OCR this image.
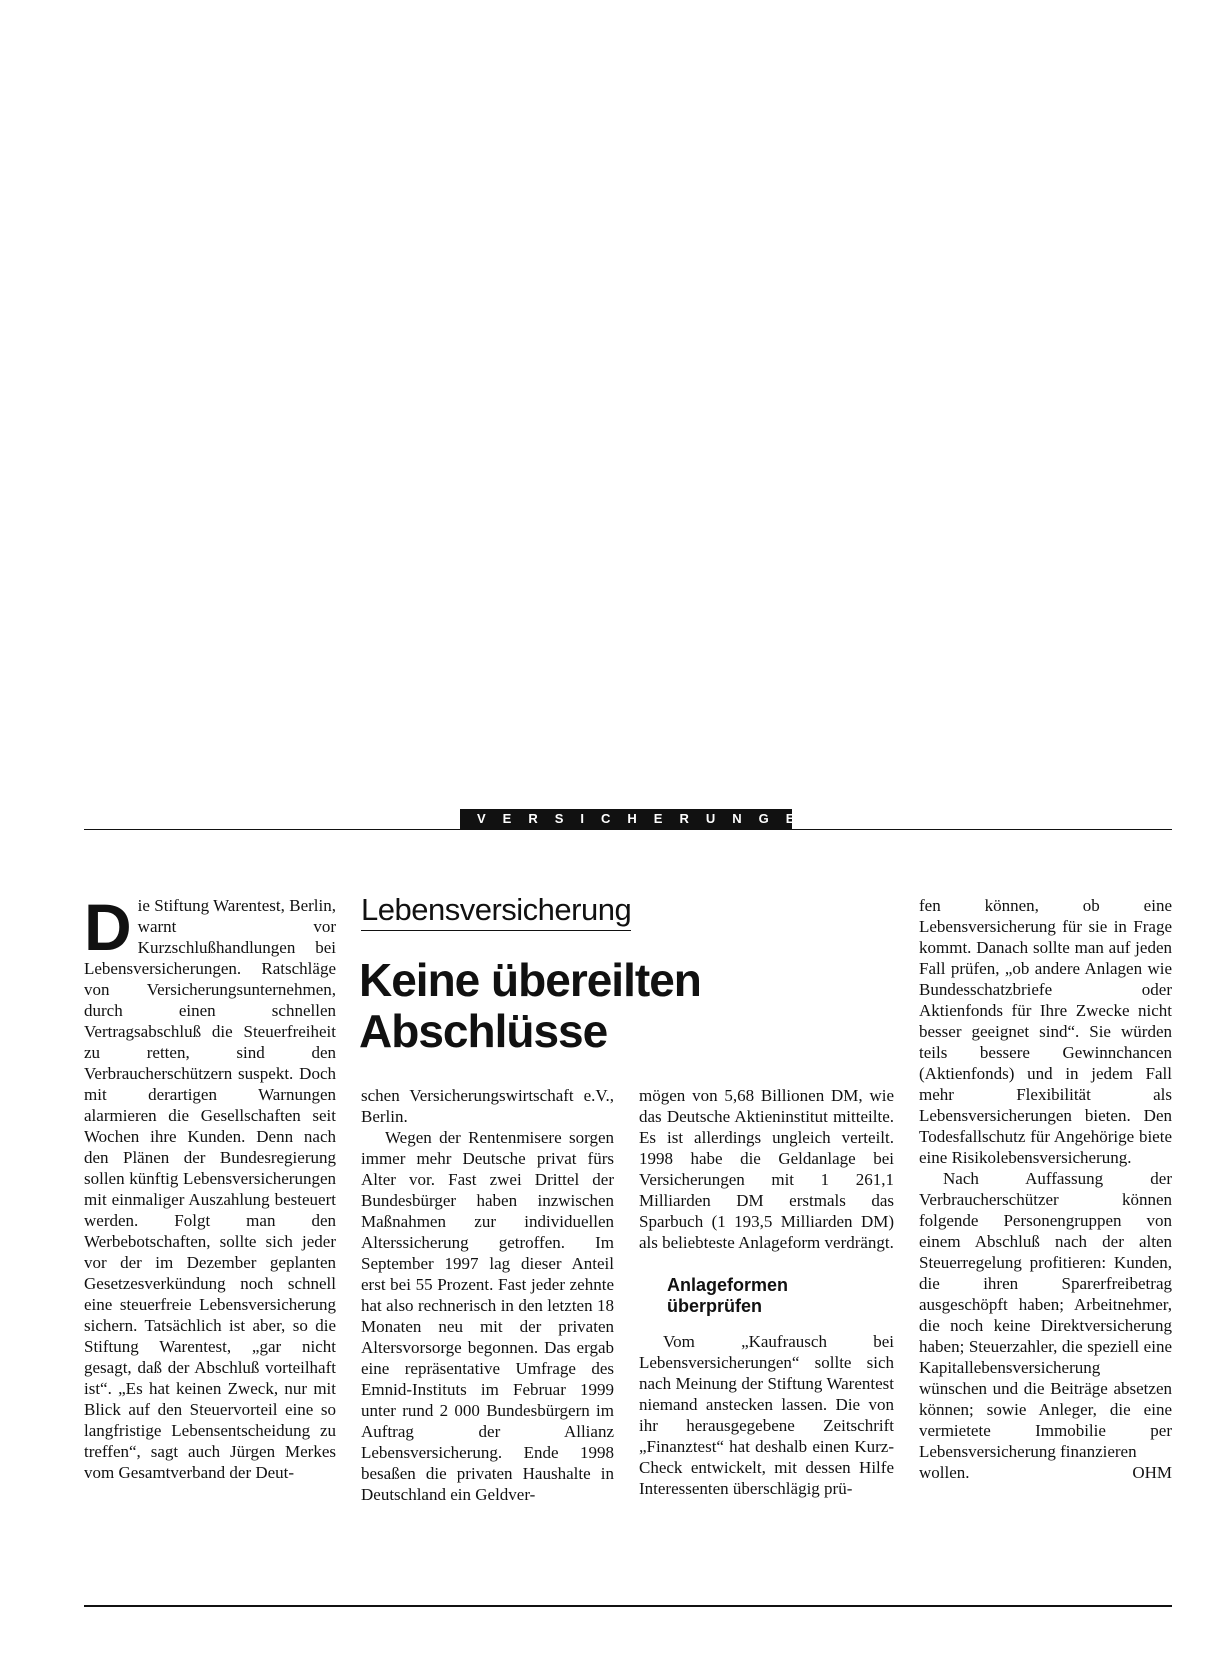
VERSICHERUNGEN
Lebensversicherung
Keine übereilten
Abschlüsse

Die Stiftung Warentest, Berlin, warnt vor Kurzschlußhandlungen bei Lebensversicherungen. Ratschläge von Versicherungsunternehmen, durch einen schnellen Vertragsabschluß die Steuerfreiheit zu retten, sind den Verbraucherschützern suspekt. Doch mit derartigen Warnungen alarmieren die Gesellschaften seit Wochen ihre Kunden. Denn nach den Plänen der Bundesregierung sollen künftig Lebensversicherungen mit einmaliger Auszahlung besteuert werden. Folgt man den Werbebotschaften, sollte sich jeder vor der im Dezember geplanten Gesetzesverkündung noch schnell eine steuerfreie Lebensversicherung sichern. Tatsächlich ist aber, so die Stiftung Warentest, „gar nicht gesagt, daß der Abschluß vorteilhaft ist“. „Es hat keinen Zweck, nur mit Blick auf den Steuervorteil eine so langfristige Lebensentscheidung zu treffen“, sagt auch Jürgen Merkes vom Gesamtverband der Deut-

schen Versicherungswirtschaft e.V., Berlin.

Wegen der Rentenmisere sorgen immer mehr Deutsche privat fürs Alter vor. Fast zwei Drittel der Bundesbürger haben inzwischen Maßnahmen zur individuellen Alterssicherung getroffen. Im September 1997 lag dieser Anteil erst bei 55 Prozent. Fast jeder zehnte hat also rechnerisch in den letzten 18 Monaten neu mit der privaten Altersvorsorge begonnen. Das ergab eine repräsentative Umfrage des Emnid-Instituts im Februar 1999 unter rund 2 000 Bundesbürgern im Auftrag der Allianz Lebensversicherung. Ende 1998 besaßen die privaten Haushalte in Deutschland ein Geldver-

mögen von 5,68 Billionen DM, wie das Deutsche Aktieninstitut mitteilte. Es ist allerdings ungleich verteilt. 1998 habe die Geldanlage bei Versicherungen mit 1 261,1 Milliarden DM erstmals das Sparbuch (1 193,5 Milliarden DM) als beliebteste Anlageform verdrängt.

Anlageformen
überprüfen

Vom „Kaufrausch bei Lebensversicherungen“ sollte sich nach Meinung der Stiftung Warentest niemand anstecken lassen. Die von ihr herausgegebene Zeitschrift „Finanztest“ hat deshalb einen Kurz-Check entwickelt, mit dessen Hilfe Interessenten überschlägig prü-

fen können, ob eine Lebensversicherung für sie in Frage kommt. Danach sollte man auf jeden Fall prüfen, „ob andere Anlagen wie Bundesschatzbriefe oder Aktienfonds für Ihre Zwecke nicht besser geeignet sind“. Sie würden teils bessere Gewinnchancen (Aktienfonds) und in jedem Fall mehr Flexibilität als Lebensversicherungen bieten. Den Todesfallschutz für Angehörige biete eine Risikolebensversicherung.

Nach Auffassung der Verbraucherschützer können folgende Personengruppen von einem Abschluß nach der alten Steuerregelung profitieren: Kunden, die ihren Sparerfreibetrag ausgeschöpft haben; Arbeitnehmer, die noch keine Direktversicherung haben; Steuerzahler, die speziell eine Kapitallebensversicherung wünschen und die Beiträge absetzen können; sowie Anleger, die eine vermietete Immobilie per Lebensversicherung finanzieren

wollen.	OHM
